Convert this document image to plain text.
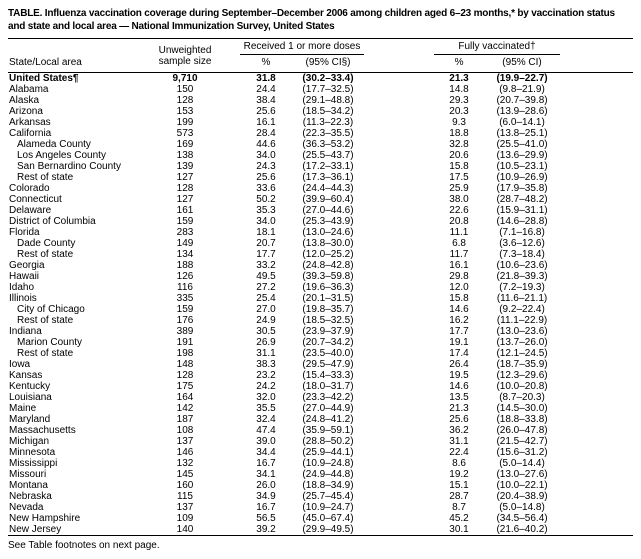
TABLE. Influenza vaccination coverage during September–December 2006 among children aged 6–23 months,* by vaccination status and state and local area — National Immunization Survey, United States
State/Local area	Unweighted
sample size	Received 1 or more doses			Fully vaccinated†		
		%	(95% CI§)		%	(95% CI)	
United States¶	9,710	31.8	(30.2–33.4)		21.3	(19.9–22.7)	
Alabama	150	24.4	(17.7–32.5)		14.8	(9.8–21.9)	
Alaska	128	38.4	(29.1–48.8)		29.3	(20.7–39.8)	
Arizona	153	25.6	(18.5–34.2)		20.3	(13.9–28.6)	
Arkansas	199	16.1	(11.3–22.3)		9.3	(6.0–14.1)	
California	573	28.4	(22.3–35.5)		18.8	(13.8–25.1)	
Alameda County	169	44.6	(36.3–53.2)		32.8	(25.5–41.0)	
Los Angeles County	138	34.0	(25.5–43.7)		20.6	(13.6–29.9)	
San Bernardino County	139	24.3	(17.2–33.1)		15.8	(10.5–23.1)	
Rest of state	127	25.6	(17.3–36.1)		17.5	(10.9–26.9)	
Colorado	128	33.6	(24.4–44.3)		25.9	(17.9–35.8)	
Connecticut	127	50.2	(39.9–60.4)		38.0	(28.7–48.2)	
Delaware	161	35.3	(27.0–44.6)		22.6	(15.9–31.1)	
District of Columbia	159	34.0	(25.3–43.9)		20.8	(14.6–28.8)	
Florida	283	18.1	(13.0–24.6)		11.1	(7.1–16.8)	
Dade County	149	20.7	(13.8–30.0)		6.8	(3.6–12.6)	
Rest of state	134	17.7	(12.0–25.2)		11.7	(7.3–18.4)	
Georgia	188	33.2	(24.8–42.8)		16.1	(10.6–23.6)	
Hawaii	126	49.5	(39.3–59.8)		29.8	(21.8–39.3)	
Idaho	116	27.2	(19.6–36.3)		12.0	(7.2–19.3)	
Illinois	335	25.4	(20.1–31.5)		15.8	(11.6–21.1)	
City of Chicago	159	27.0	(19.8–35.7)		14.6	(9.2–22.4)	
Rest of state	176	24.9	(18.5–32.5)		16.2	(11.1–22.9)	
Indiana	389	30.5	(23.9–37.9)		17.7	(13.0–23.6)	
Marion County	191	26.9	(20.7–34.2)		19.1	(13.7–26.0)	
Rest of state	198	31.1	(23.5–40.0)		17.4	(12.1–24.5)	
Iowa	148	38.3	(29.5–47.9)		26.4	(18.7–35.9)	
Kansas	128	23.2	(15.4–33.3)		19.5	(12.3–29.6)	
Kentucky	175	24.2	(18.0–31.7)		14.6	(10.0–20.8)	
Louisiana	164	32.0	(23.3–42.2)		13.5	(8.7–20.3)	
Maine	142	35.5	(27.0–44.9)		21.3	(14.5–30.0)	
Maryland	187	32.4	(24.8–41.2)		25.6	(18.8–33.8)	
Massachusetts	108	47.4	(35.9–59.1)		36.2	(26.0–47.8)	
Michigan	137	39.0	(28.8–50.2)		31.1	(21.5–42.7)	
Minnesota	146	34.4	(25.9–44.1)		22.4	(15.6–31.2)	
Mississippi	132	16.7	(10.9–24.8)		8.6	(5.0–14.4)	
Missouri	145	34.1	(24.9–44.8)		19.2	(13.0–27.6)	
Montana	160	26.0	(18.8–34.9)		15.1	(10.0–22.1)	
Nebraska	115	34.9	(25.7–45.4)		28.7	(20.4–38.9)	
Nevada	137	16.7	(10.9–24.7)		8.7	(5.0–14.8)	
New Hampshire	109	56.5	(45.0–67.4)		45.2	(34.5–56.4)	
New Jersey	140	39.2	(29.9–49.5)		30.1	(21.6–40.2)	
See Table footnotes on next page.
